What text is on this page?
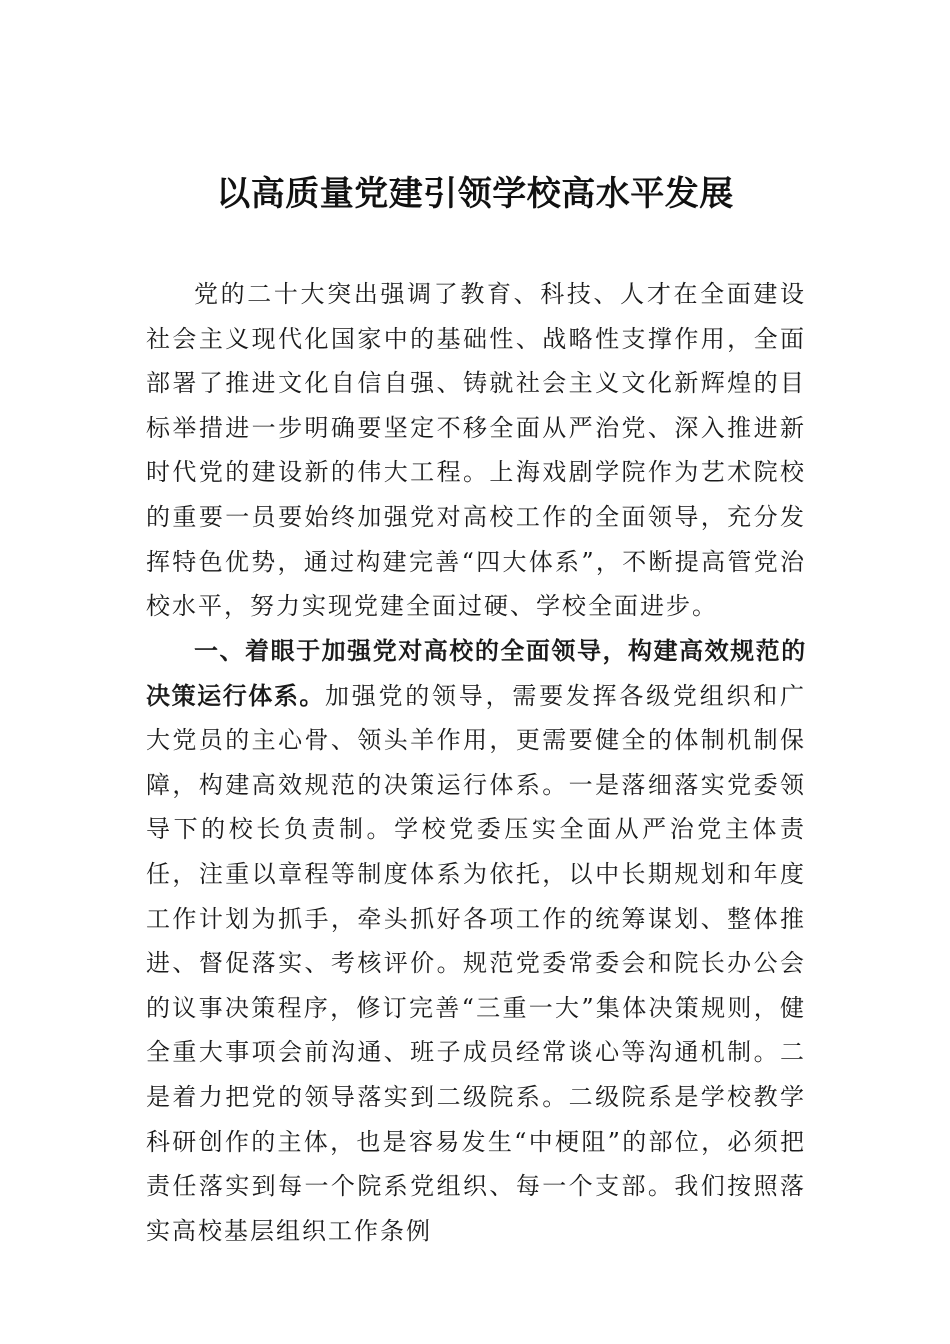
以高质量党建引领学校高水平发展

党的二十大突出强调了教育、科技、人才在全面建设社会主义现代化国家中的基础性、战略性支撑作用，全面部署了推进文化自信自强、铸就社会主义文化新辉煌的目标举措进一步明确要坚定不移全面从严治党、深入推进新时代党的建设新的伟大工程。上海戏剧学院作为艺术院校的重要一员要始终加强党对高校工作的全面领导，充分发挥特色优势，通过构建完善“四大体系”，不断提高管党治校水平，努力实现党建全面过硬、学校全面进步。

一、着眼于加强党对高校的全面领导，构建高效规范的决策运行体系。加强党的领导，需要发挥各级党组织和广大党员的主心骨、领头羊作用，更需要健全的体制机制保障，构建高效规范的决策运行体系。一是落细落实党委领导下的校长负责制。学校党委压实全面从严治党主体责任，注重以章程等制度体系为依托，以中长期规划和年度工作计划为抓手，牵头抓好各项工作的统筹谋划、整体推进、督促落实、考核评价。规范党委常委会和院长办公会的议事决策程序，修订完善“三重一大”集体决策规则，健全重大事项会前沟通、班子成员经常谈心等沟通机制。二是着力把党的领导落实到二级院系。二级院系是学校教学科研创作的主体，也是容易发生“中梗阻”的部位，必须把责任落实到每一个院系党组织、每一个支部。我们按照落实高校基层组织工作条例
